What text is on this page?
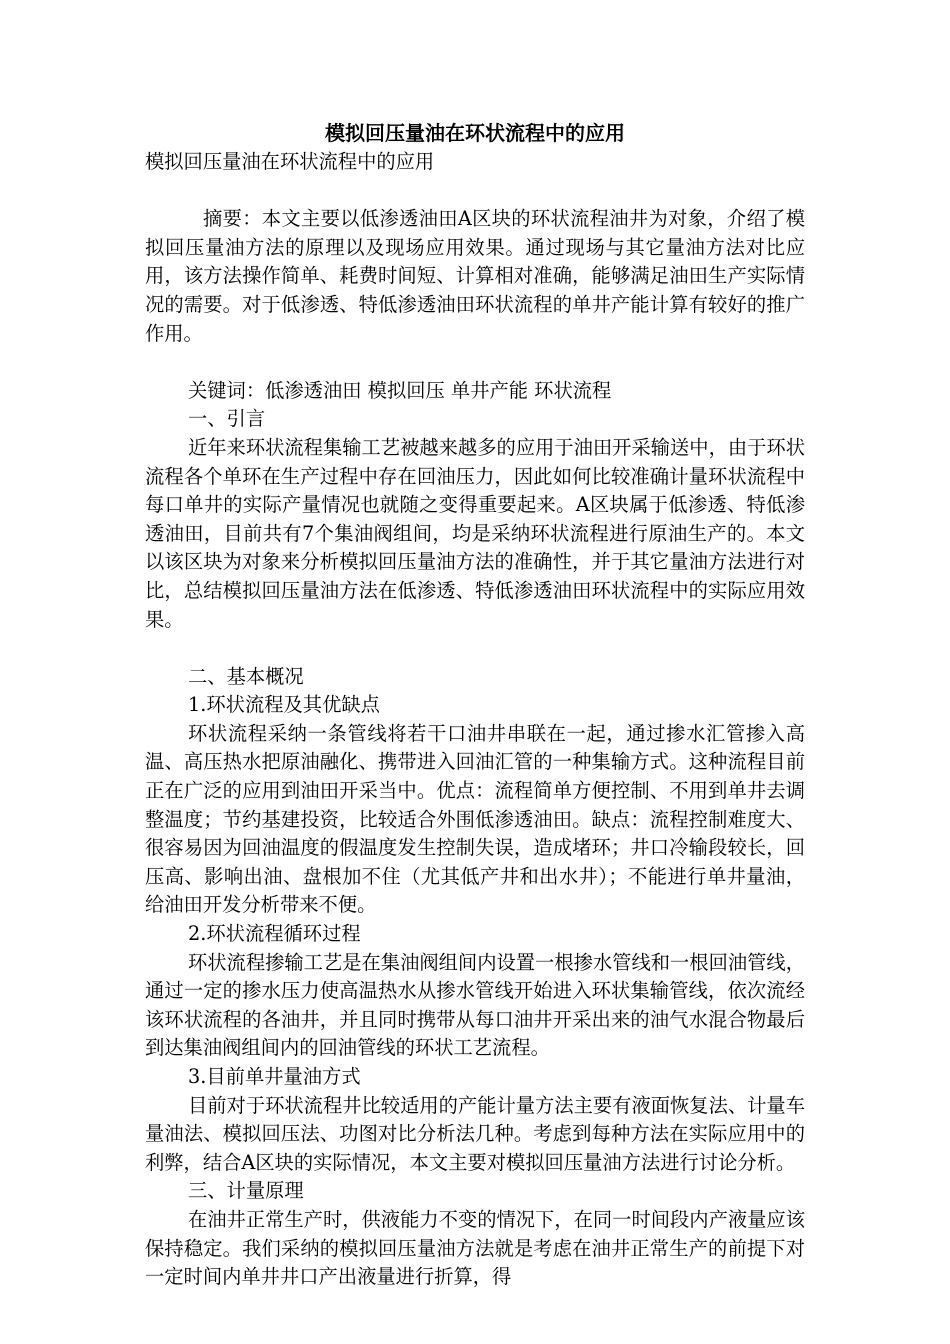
模拟回压量油在环状流程中的应用

模拟回压量油在环状流程中的应用

摘要：本文主要以低渗透油田A区块的环状流程油井为对象，介绍了模拟回压量油方法的原理以及现场应用效果。通过现场与其它量油方法对比应用，该方法操作简单、耗费时间短、计算相对准确，能够满足油田生产实际情况的需要。对于低渗透、特低渗透油田环状流程的单井产能计算有较好的推广作用。

关键词：低渗透油田 模拟回压 单井产能 环状流程

一、引言

近年来环状流程集输工艺被越来越多的应用于油田开采输送中，由于环状流程各个单环在生产过程中存在回油压力，因此如何比较准确计量环状流程中每口单井的实际产量情况也就随之变得重要起来。A区块属于低渗透、特低渗透油田，目前共有7个集油阀组间，均是采纳环状流程进行原油生产的。本文以该区块为对象来分析模拟回压量油方法的准确性，并于其它量油方法进行对比，总结模拟回压量油方法在低渗透、特低渗透油田环状流程中的实际应用效果。

二、基本概况

1.环状流程及其优缺点

环状流程采纳一条管线将若干口油井串联在一起，通过掺水汇管掺入高温、高压热水把原油融化、携带进入回油汇管的一种集输方式。这种流程目前正在广泛的应用到油田开采当中。优点：流程简单方便控制、不用到单井去调整温度；节约基建投资，比较适合外围低渗透油田。缺点：流程控制难度大、很容易因为回油温度的假温度发生控制失误，造成堵环；井口冷输段较长，回压高、影响出油、盘根加不住（尤其低产井和出水井）；不能进行单井量油，给油田开发分析带来不便。

2.环状流程循环过程

环状流程掺输工艺是在集油阀组间内设置一根掺水管线和一根回油管线，通过一定的掺水压力使高温热水从掺水管线开始进入环状集输管线，依次流经该环状流程的各油井，并且同时携带从每口油井开采出来的油气水混合物最后到达集油阀组间内的回油管线的环状工艺流程。

3.目前单井量油方式

目前对于环状流程井比较适用的产能计量方法主要有液面恢复法、计量车量油法、模拟回压法、功图对比分析法几种。考虑到每种方法在实际应用中的利弊，结合A区块的实际情况，本文主要对模拟回压量油方法进行讨论分析。

三、计量原理

在油井正常生产时，供液能力不变的情况下，在同一时间段内产液量应该保持稳定。我们采纳的模拟回压量油方法就是考虑在油井正常生产的前提下对一定时间内单井井口产出液量进行折算，得
